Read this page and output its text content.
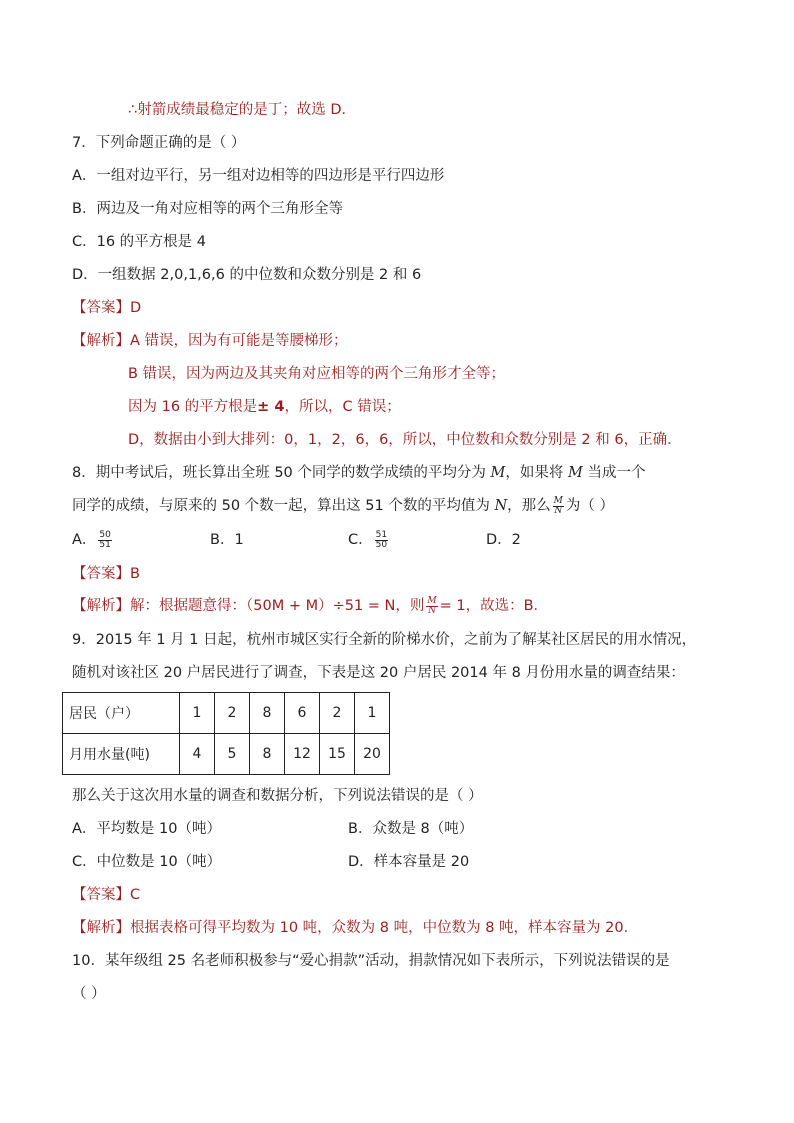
∴射箭成绩最稳定的是丁；故选 D．
7．下列命题正确的是（ ）
A．一组对边平行，另一组对边相等的四边形是平行四边形
B．两边及一角对应相等的两个三角形全等
C．16 的平方根是 4
D．一组数据 2,0,1,6,6 的中位数和众数分别是 2 和 6
【答案】D
【解析】A 错误，因为有可能是等腰梯形；
B 错误，因为两边及其夹角对应相等的两个三角形才全等；
因为 16 的平方根是± 4，所以，C 错误；
D，数据由小到大排列：0，1，2，6，6，所以，中位数和众数分别是 2 和 6，正确．
8．期中考试后，班长算出全班 50 个同学的数学成绩的平均分为 M，如果将 M 当成一个
同学的成绩，与原来的 50 个数一起，算出这 51 个数的平均值为 N，那么 $\frac{M}{N}$ 为（ ）
A． $\frac{50}{51}$	B．1	C． $\frac{51}{50}$	D．2
【答案】B
【解析】解：根据题意得：（50M + M）÷51 = N，则 $\frac{M}{N} = 1$，故选：B．
9．2015 年 1 月 1 日起，杭州市城区实行全新的阶梯水价，之前为了解某社区居民的用水情况，
随机对该社区 20 户居民进行了调查，下表是这 20 户居民 2014 年 8 月份用水量的调查结果：
居民（户）	1	2	8	6	2	1
月用水量(吨)	4	5	8	12	15	20
那么关于这次用水量的调查和数据分析，下列说法错误的是（ ）
A．平均数是 10（吨）	B．众数是 8（吨）
C．中位数是 10（吨）	D．样本容量是 20
【答案】C
【解析】根据表格可得平均数为 10 吨，众数为 8 吨，中位数为 8 吨，样本容量为 20.
10．某年级组 25 名老师积极参与“爱心捐款”活动，捐款情况如下表所示，下列说法错误的是
（ ）
